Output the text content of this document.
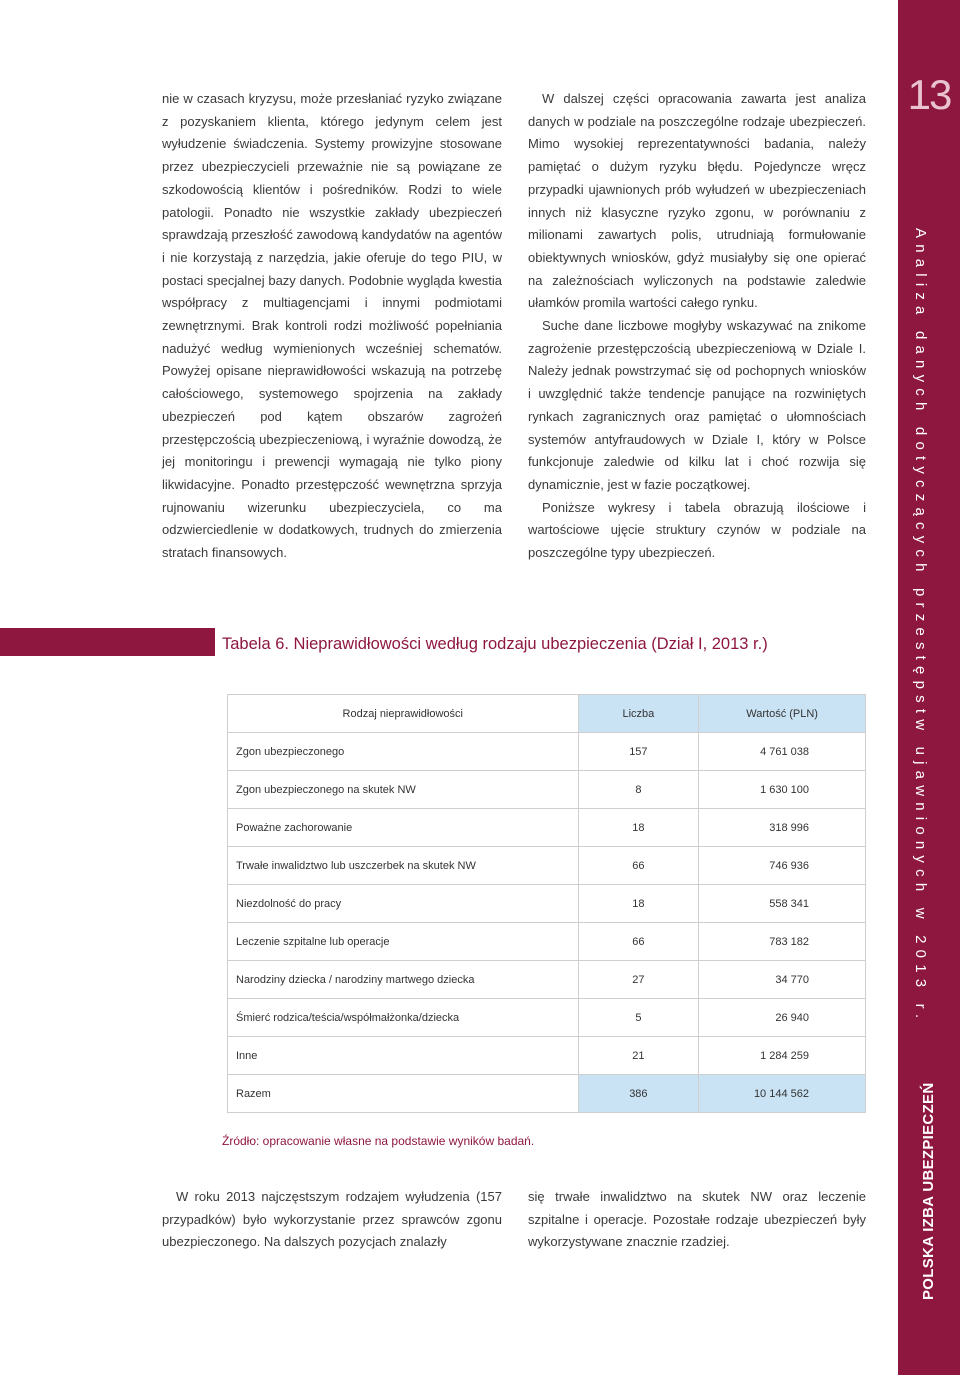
13
Analiza danych dotyczących przestępstw ujawnionych w 2013 r.
POLSKA IZBA UBEZPIECZEŃ

nie w czasach kryzysu, może przesłaniać ryzyko związane z pozyskaniem klienta, którego jedynym celem jest wyłudzenie świadczenia. Systemy prowizyjne stosowane przez ubezpieczycieli przeważnie nie są powiązane ze szkodowością klientów i pośredników. Rodzi to wiele patologii. Ponadto nie wszystkie zakłady ubezpieczeń sprawdzają przeszłość zawodową kandydatów na agentów i nie korzystają z narzędzia, jakie oferuje do tego PIU, w postaci specjalnej bazy danych. Podobnie wygląda kwestia współpracy z multiagencjami i innymi podmiotami zewnętrznymi. Brak kontroli rodzi możliwość popełniania nadużyć według wymienionych wcześniej schematów. Powyżej opisane nieprawidłowości wskazują na potrzebę całościowego, systemowego spojrzenia na zakłady ubezpieczeń pod kątem obszarów zagrożeń przestępczością ubezpieczeniową, i wyraźnie dowodzą, że jej monitoringu i prewencji wymagają nie tylko piony likwidacyjne. Ponadto przestępczość wewnętrzna sprzyja rujnowaniu wizerunku ubezpieczyciela, co ma odzwierciedlenie w dodatkowych, trudnych do zmierzenia stratach finansowych.

W dalszej części opracowania zawarta jest analiza danych w podziale na poszczególne rodzaje ubezpieczeń. Mimo wysokiej reprezentatywności badania, należy pamiętać o dużym ryzyku błędu. Pojedyncze wręcz przypadki ujawnionych prób wyłudzeń w ubezpieczeniach innych niż klasyczne ryzyko zgonu, w porównaniu z milionami zawartych polis, utrudniają formułowanie obiektywnych wniosków, gdyż musiałyby się one opierać na zależnościach wyliczonych na podstawie zaledwie ułamków promila wartości całego rynku.

Suche dane liczbowe mogłyby wskazywać na znikome zagrożenie przestępczością ubezpieczeniową w Dziale I. Należy jednak powstrzymać się od pochopnych wniosków i uwzględnić także tendencje panujące na rozwiniętych rynkach zagranicznych oraz pamiętać o ułomnościach systemów antyfraudowych w Dziale I, który w Polsce funkcjonuje zaledwie od kilku lat i choć rozwija się dynamicznie, jest w fazie początkowej.

Poniższe wykresy i tabela obrazują ilościowe i wartościowe ujęcie struktury czynów w podziale na poszczególne typy ubezpieczeń.

Tabela 6. Nieprawidłowości według rodzaju ubezpieczenia (Dział I, 2013 r.)
Rodzaj nieprawidłowości	Liczba	Wartość (PLN)
Zgon ubezpieczonego	157	4 761 038
Zgon ubezpieczonego na skutek NW	8	1 630 100
Poważne zachorowanie	18	318 996
Trwałe inwalidztwo lub uszczerbek na skutek NW	66	746 936
Niezdolność do pracy	18	558 341
Leczenie szpitalne lub operacje	66	783 182
Narodziny dziecka / narodziny martwego dziecka	27	34 770
Śmierć rodzica/teścia/współmałżonka/dziecka	5	26 940
Inne	21	1 284 259
Razem	386	10 144 562

Źródło: opracowanie własne na podstawie wyników badań.

W roku 2013 najczęstszym rodzajem wyłudzenia (157 przypadków) było wykorzystanie przez sprawców zgonu ubezpieczonego. Na dalszych pozycjach znalazły

się trwałe inwalidztwo na skutek NW oraz leczenie szpitalne i operacje. Pozostałe rodzaje ubezpieczeń były wykorzystywane znacznie rzadziej.
